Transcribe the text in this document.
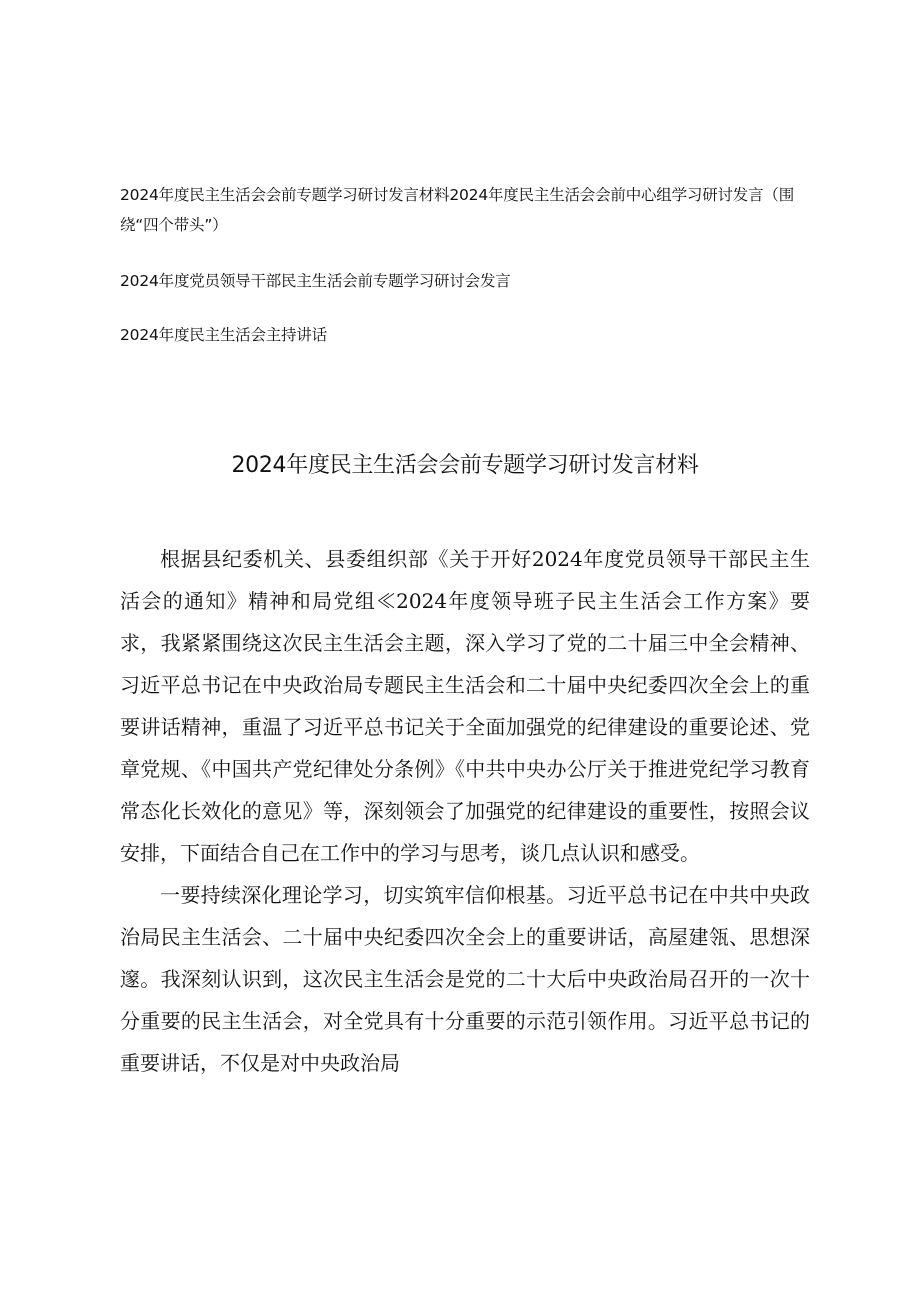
2024年度民主生活会会前专题学习研讨发言材料2024年度民主生活会会前中心组学习研讨发言（围绕“四个带头”）
2024年度党员领导干部民主生活会前专题学习研讨会发言
2024年度民主生活会主持讲话
2024年度民主生活会会前专题学习研讨发言材料

根据县纪委机关、县委组织部《关于开好2024年度党员领导干部民主生活会的通知》精神和局党组≪2024年度领导班子民主生活会工作方案》要求，我紧紧围绕这次民主生活会主题，深入学习了党的二十届三中全会精神、习近平总书记在中央政治局专题民主生活会和二十届中央纪委四次全会上的重要讲话精神，重温了习近平总书记关于全面加强党的纪律建设的重要论述、党章党规、《中国共产党纪律处分条例》《中共中央办公厅关于推进党纪学习教育常态化长效化的意见》等，深刻领会了加强党的纪律建设的重要性，按照会议安排，下面结合自己在工作中的学习与思考，谈几点认识和感受。

一要持续深化理论学习，切实筑牢信仰根基。习近平总书记在中共中央政治局民主生活会、二十届中央纪委四次全会上的重要讲话，高屋建瓴、思想深邃。我深刻认识到，这次民主生活会是党的二十大后中央政治局召开的一次十分重要的民主生活会，对全党具有十分重要的示范引领作用。习近平总书记的重要讲话，不仅是对中央政治局
